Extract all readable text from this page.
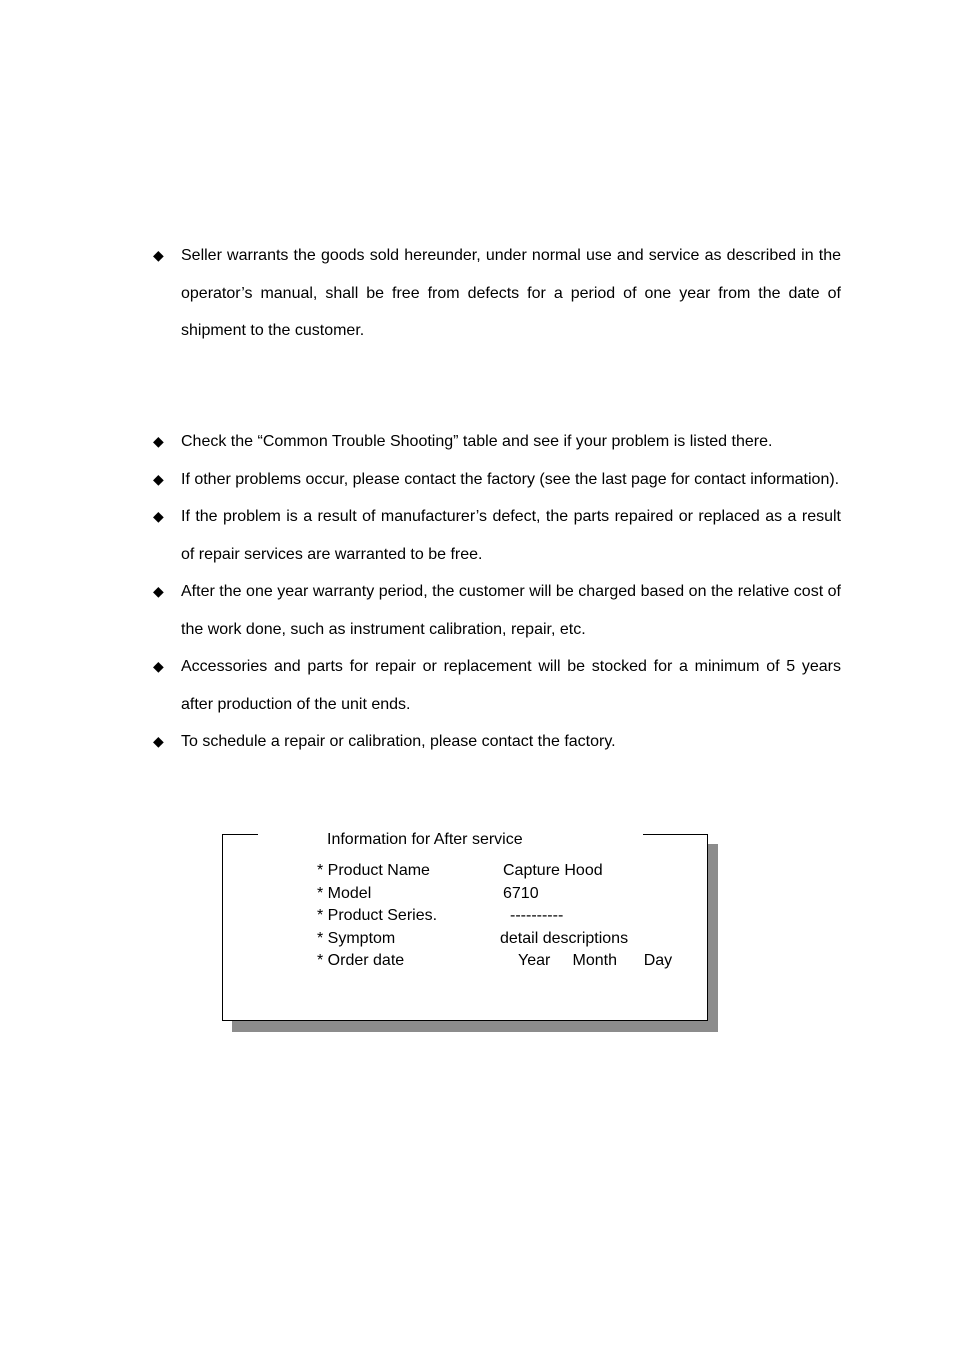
◆	Seller warrants the goods sold hereunder, under normal use and service as described in the operator’s manual, shall be free from defects for a period of one year from the date of shipment to the customer.
◆	Check the “Common Trouble Shooting” table and see if your problem is listed there.
◆	If other problems occur, please contact the factory (see the last page for contact information).
◆	If the problem is a result of manufacturer’s defect, the parts repaired or replaced as a result of repair services are warranted to be free.
◆	After the one year warranty period, the customer will be charged based on the relative cost of the work done, such as instrument calibration, repair, etc.
◆	Accessories and parts for repair or replacement will be stocked for a minimum of 5 years after production of the unit ends.
◆	To schedule a repair or calibration, please contact the factory.
Information for After service
* Product Name	Capture Hood
* Model	6710
* Product Series.	----------
* Symptom	detail descriptions
* Order date	Year     Month      Day
